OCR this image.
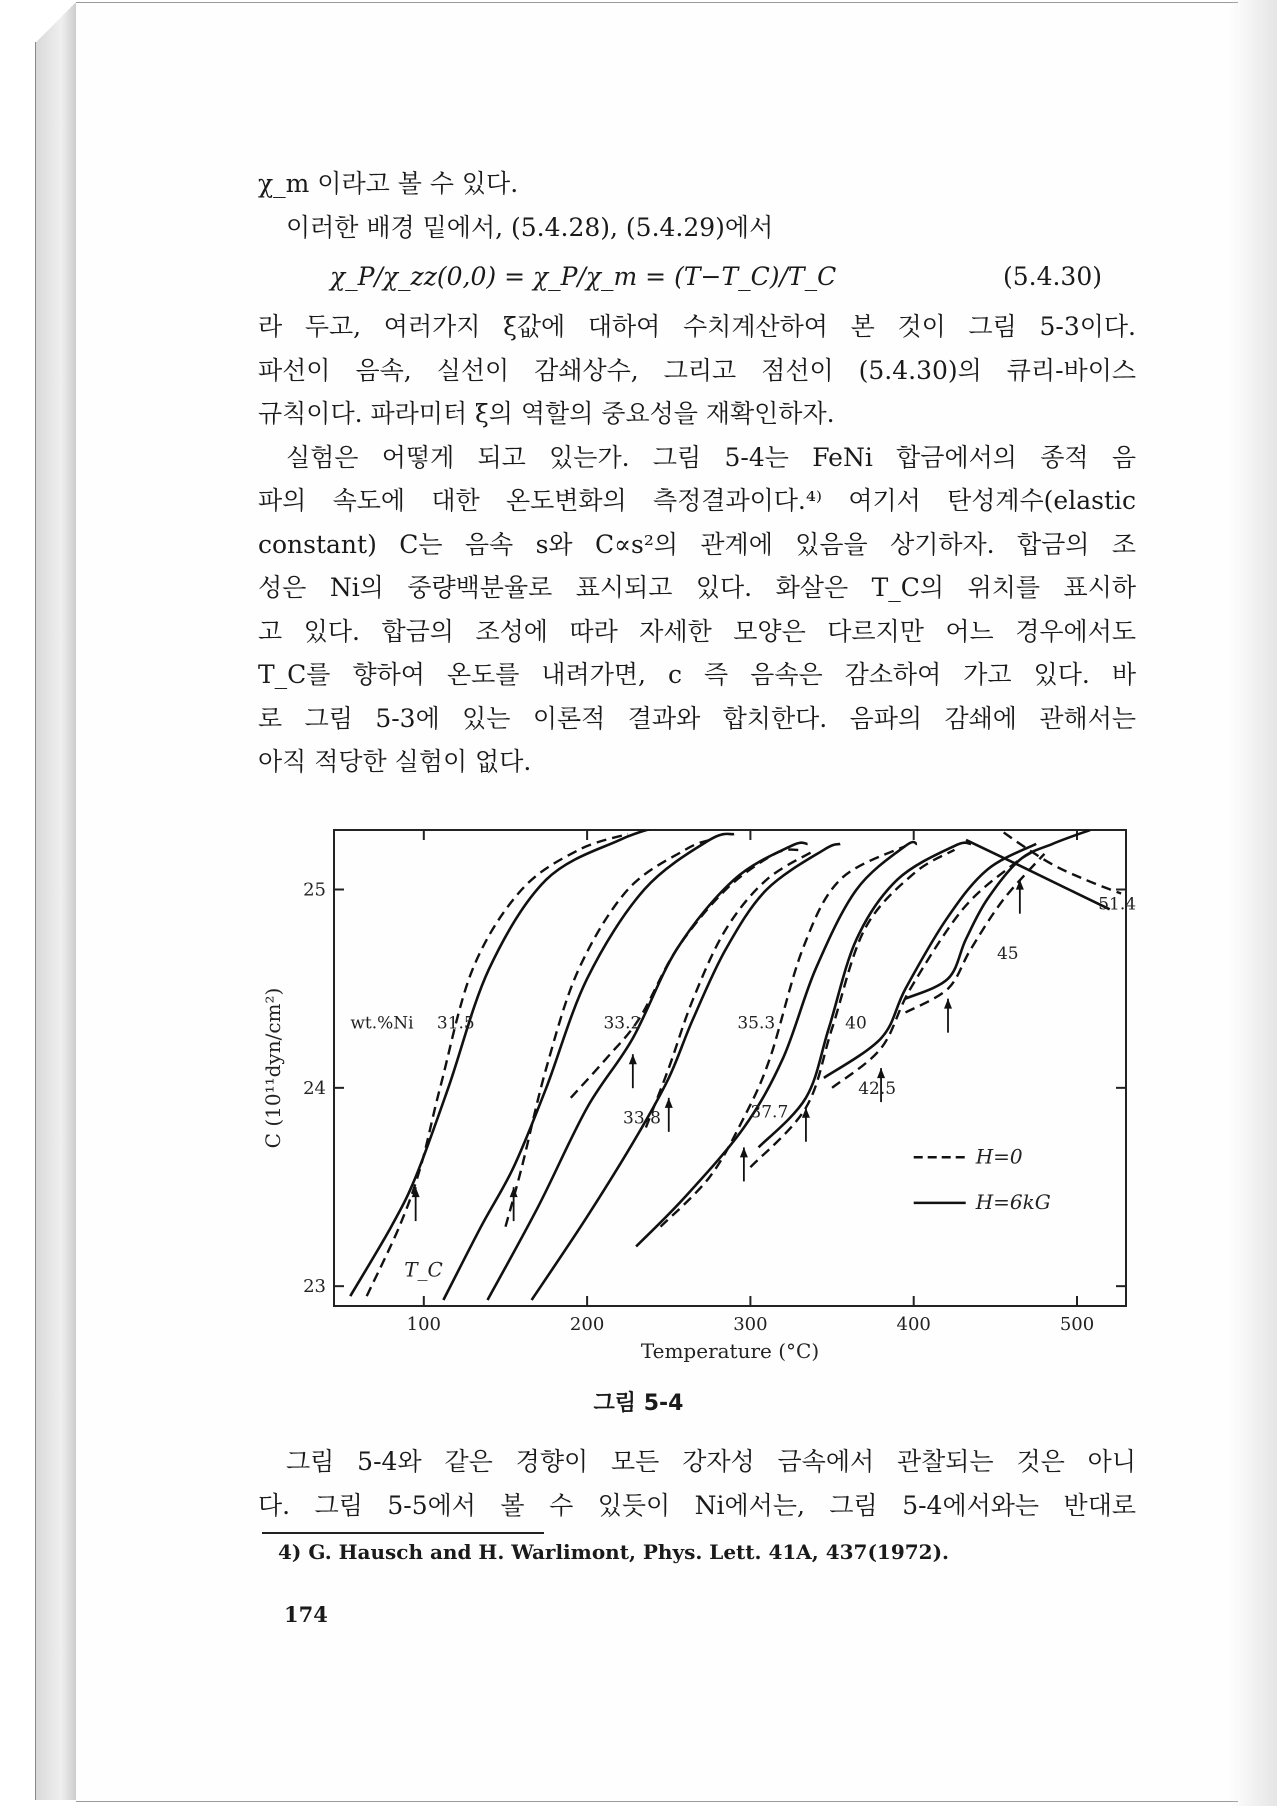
χ_m 이라고 볼 수 있다.
이러한 배경 밑에서, (5.4.28), (5.4.29)에서
χ_P/χ_zz(0,0) = χ_P/χ_m = (T−T_C)/T_C	(5.4.30)
라 두고, 여러가지 ξ값에 대하여 수치계산하여 본 것이 그림 5-3이다.
파선이 음속, 실선이 감쇄상수, 그리고 점선이 (5.4.30)의 큐리-바이스
규칙이다. 파라미터 ξ의 역할의 중요성을 재확인하자.
실험은 어떻게 되고 있는가. 그림 5-4는 FeNi 합금에서의 종적 음
파의 속도에 대한 온도변화의 측정결과이다.⁴⁾ 여기서 탄성계수(elastic
constant) C는 음속 s와 C∝s²의 관계에 있음을 상기하자. 합금의 조
성은 Ni의 중량백분율로 표시되고 있다. 화살은 T_C의 위치를 표시하
고 있다. 합금의 조성에 따라 자세한 모양은 다르지만 어느 경우에서도
T_C를 향하여 온도를 내려가면, c 즉 음속은 감소하여 가고 있다. 바
로 그림 5-3에 있는 이론적 결과와 합치한다. 음파의 감쇄에 관해서는
아직 적당한 실험이 없다.
100	200	300	400	500
23
24
25
Temperature (°C)
C (10¹¹dyn/cm²)	31.5	33.2
33.8
35.3
37.7
40
42.5
45
51.4
wt.%Ni
T_C
H=0
H=6kG
그림 5-4
그림 5-4와 같은 경향이 모든 강자성 금속에서 관찰되는 것은 아니
다. 그림 5-5에서 볼 수 있듯이 Ni에서는, 그림 5-4에서와는 반대로
4) G. Hausch and H. Warlimont, Phys. Lett. 41A, 437(1972).
174
